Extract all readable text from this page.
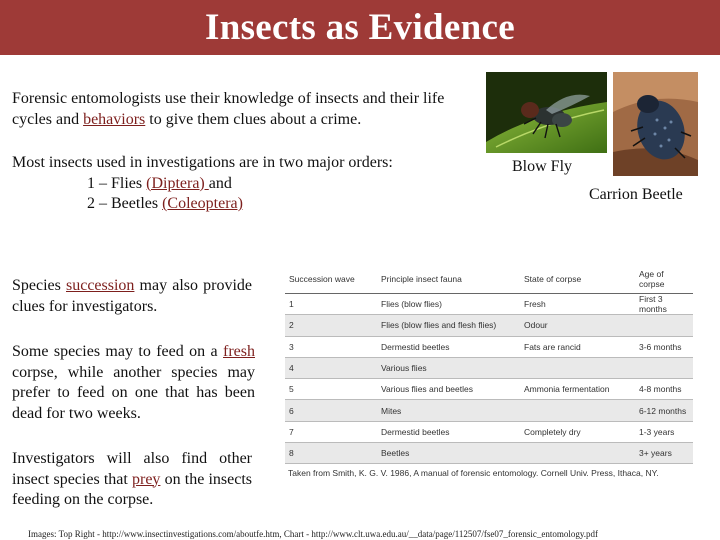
Insects as Evidence

Forensic entomologists use their knowledge of insects and their life cycles and behaviors to give them clues about a crime.

Most insects used in investigations are in two major orders:
1 – Flies (Diptera) and
2 – Beetles (Coleoptera)

Species succession may also provide clues for investigators.

Some species may to feed on a fresh corpse, while another species may prefer to feed on one that has been dead for two weeks.

Investigators will also find other insect species that prey on the insects feeding on the corpse.

Blow Fly
Carrion Beetle
Succession wave	Principle insect fauna	State of corpse	Age of corpse
1	Flies (blow flies)	Fresh	First 3 months
2	Flies (blow flies and flesh flies)	Odour	
3	Dermestid beetles	Fats are rancid	3-6 months
4	Various flies		
5	Various flies and beetles	Ammonia fermentation	4-8 months
6	Mites		6-12 months
7	Dermestid beetles	Completely dry	1-3 years
8	Beetles		3+ years
Taken from Smith, K. G. V. 1986, A manual of forensic entomology. Cornell Univ. Press, Ithaca, NY.
Images: Top Right - http://www.insectinvestigations.com/aboutfe.htm, Chart - http://www.clt.uwa.edu.au/__data/page/112507/fse07_forensic_entomology.pdf
